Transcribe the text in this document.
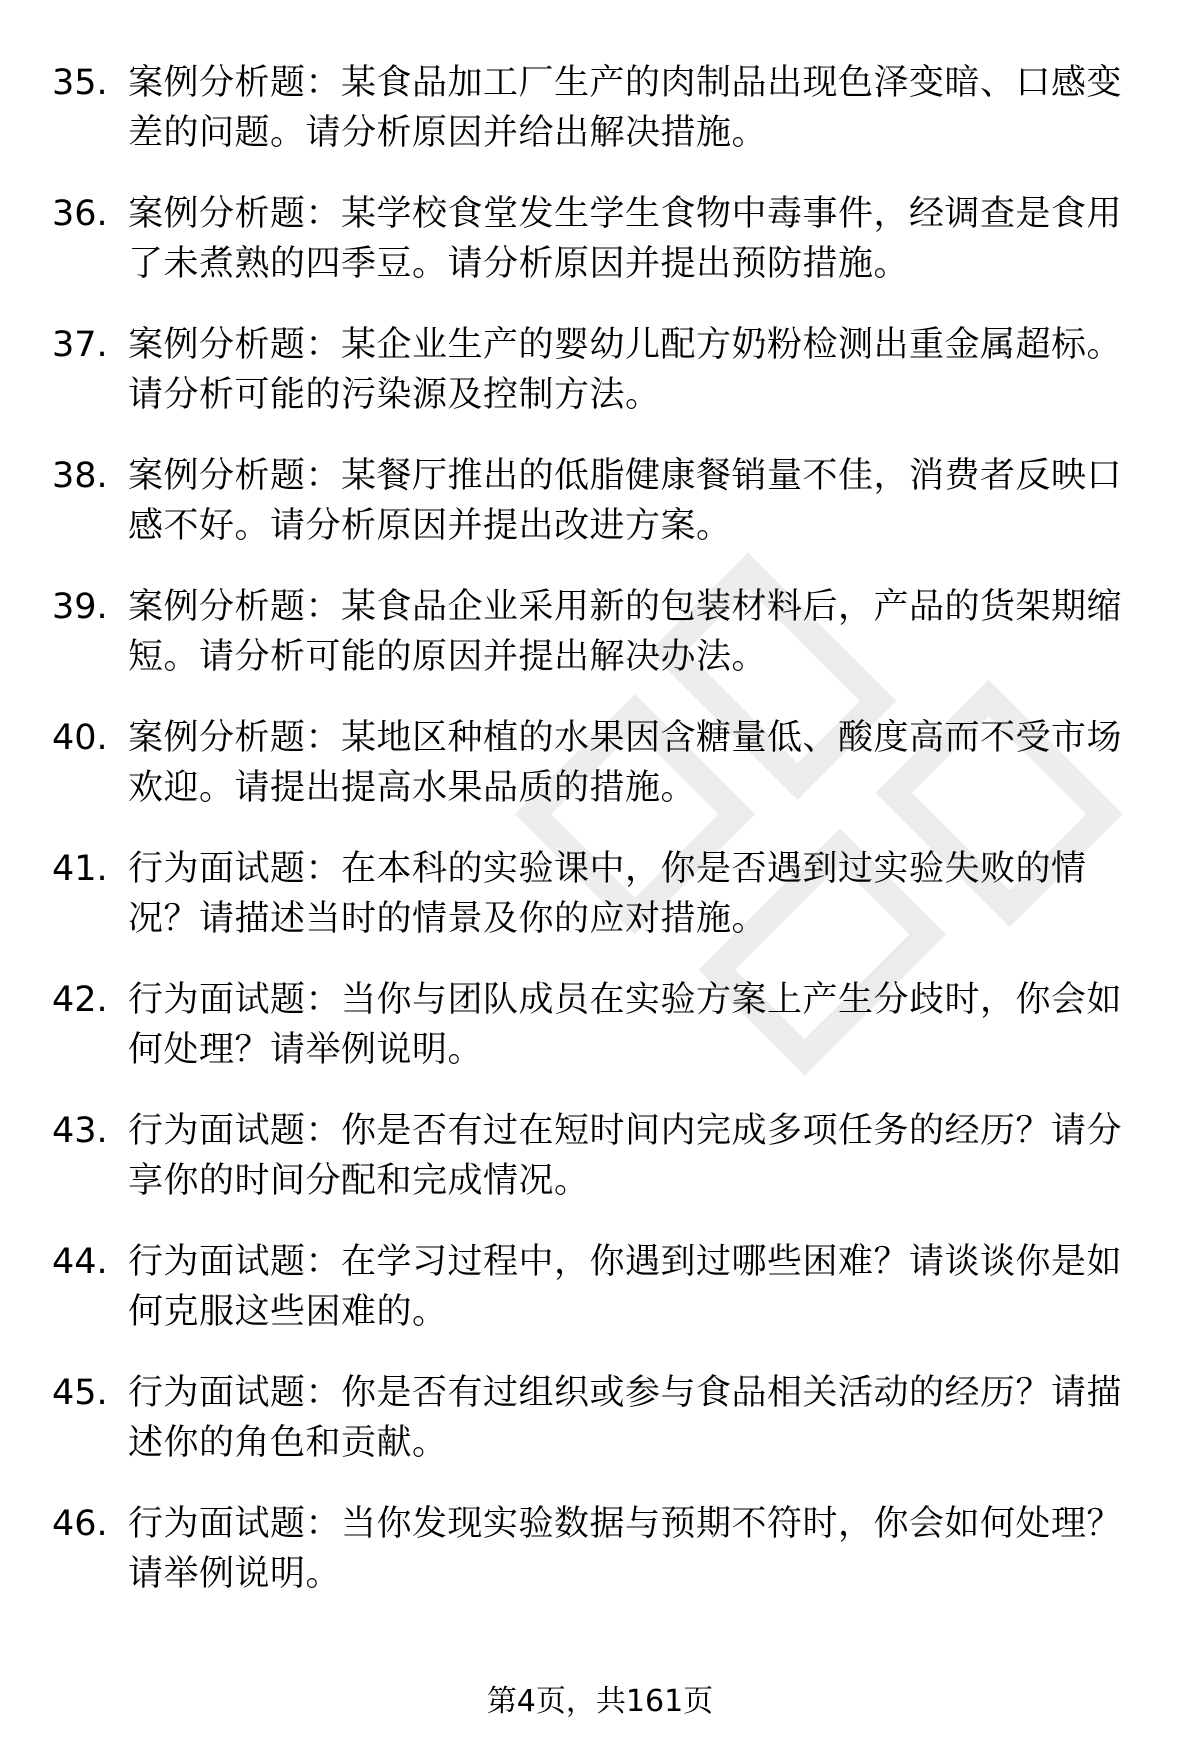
35. 案例分析题：某食品加工厂生产的肉制品出现色泽变暗、口感变差的问题。请分析原因并给出解决措施。
36. 案例分析题：某学校食堂发生学生食物中毒事件，经调查是食用了未煮熟的四季豆。请分析原因并提出预防措施。
37. 案例分析题：某企业生产的婴幼儿配方奶粉检测出重金属超标。请分析可能的污染源及控制方法。
38. 案例分析题：某餐厅推出的低脂健康餐销量不佳，消费者反映口感不好。请分析原因并提出改进方案。
39. 案例分析题：某食品企业采用新的包装材料后，产品的货架期缩短。请分析可能的原因并提出解决办法。
40. 案例分析题：某地区种植的水果因含糖量低、酸度高而不受市场欢迎。请提出提高水果品质的措施。
41. 行为面试题：在本科的实验课中，你是否遇到过实验失败的情况？请描述当时的情景及你的应对措施。
42. 行为面试题：当你与团队成员在实验方案上产生分歧时，你会如何处理？请举例说明。
43. 行为面试题：你是否有过在短时间内完成多项任务的经历？请分享你的时间分配和完成情况。
44. 行为面试题：在学习过程中，你遇到过哪些困难？请谈谈你是如何克服这些困难的。
45. 行为面试题：你是否有过组织或参与食品相关活动的经历？请描述你的角色和贡献。
46. 行为面试题：当你发现实验数据与预期不符时，你会如何处理？请举例说明。
第4页，共161页
